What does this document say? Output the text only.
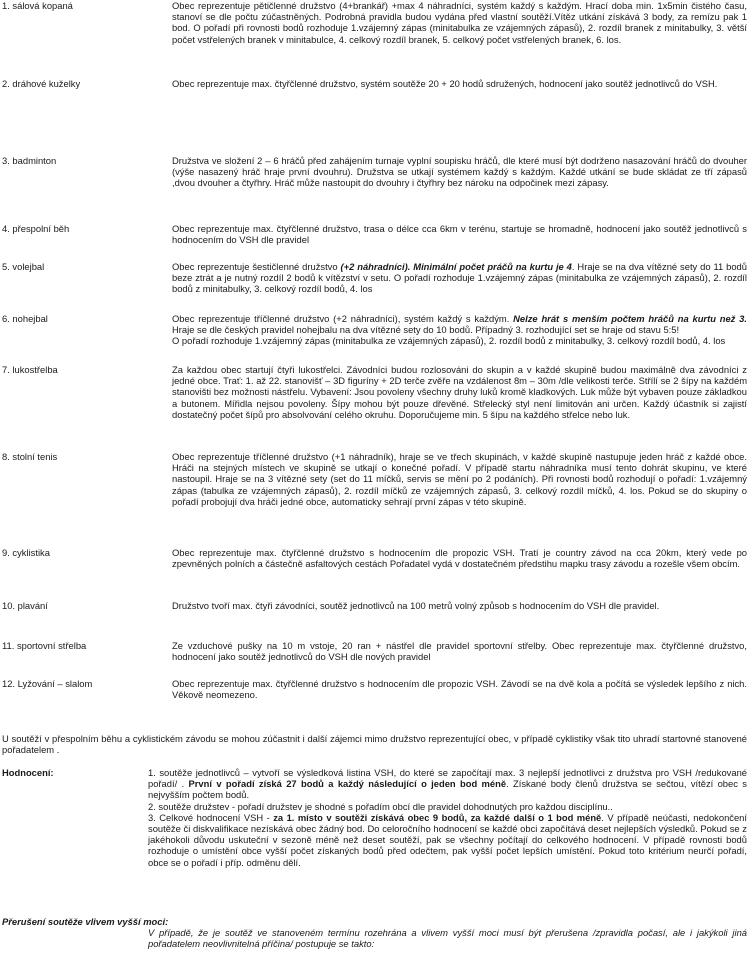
1. sálová kopaná	Obec reprezentuje pětičlenné družstvo (4+brankář) +max 4 náhradníci, systém každý s každým. Hrací doba min. 1x5min čistého času, stanoví se dle počtu zúčastněných. Podrobná pravidla budou vydána před vlastní soutěží.Vítěz utkání získává 3 body, za remízu pak 1 bod. O pořadí při rovnosti bodů rozhoduje 1.vzájemný zápas (minitabulka ze vzájemných zápasů), 2. rozdíl branek z minitabulky, 3. větší počet vstřelených branek v minitabulce, 4. celkový rozdíl branek, 5. celkový počet vstřelených branek, 6. los.
2. dráhové kuželky	Obec reprezentuje max. čtyřčlenné družstvo, systém soutěže 20 + 20 hodů sdružených, hodnocení jako soutěž jednotlivců do VSH.
3. badminton	Družstva ve složení 2 – 6 hráčů před zahájením turnaje vyplní soupisku hráčů, dle které musí být dodrženo nasazování hráčů do dvouher (výše nasazený hráč hraje první dvouhru). Družstva se utkají systémem každý s každým. Každé utkání se bude skládat ze tří zápasů ,dvou dvouher a čtyřhry. Hráč může nastoupit do dvouhry i čtyřhry bez nároku na odpočinek mezi zápasy.
4. přespolní běh	Obec reprezentuje max. čtyřčlenné družstvo, trasa o délce cca 6km v terénu, startuje se hromadně, hodnocení jako soutěž jednotlivců s hodnocením do VSH dle pravidel
5. volejbal	Obec reprezentuje šestičlenné družstvo (+2 náhradníci). Minimální počet práčů na kurtu je 4. Hraje se na dva vítězné sety do 11 bodů beze ztrát a je nutný rozdíl 2 bodů k vítězství v setu. O pořadí rozhoduje 1.vzájemný zápas (minitabulka ze vzájemných zápasů), 2. rozdíl bodů z minitabulky, 3. celkový rozdíl bodů, 4. los
6. nohejbal	Obec reprezentuje tříčlenné družstvo (+2 náhradníci), systém každý s každým. Nelze hrát s menším počtem hráčů na kurtu než 3. Hraje se dle českých pravidel nohejbalu na dva vítězné sety do 10 bodů. Případný 3. rozhodující set se hraje od stavu 5:5!

O pořadí rozhoduje 1.vzájemný zápas (minitabulka ze vzájemných zápasů), 2. rozdíl bodů z minitabulky, 3. celkový rozdíl bodů, 4. los

7. lukostřelba	Za každou obec startují čtyři lukostřelci. Závodníci budou rozlosováni do skupin a v každé skupině budou maximálně dva závodníci z jedné obce. Trať: 1. až 22. stanovišť – 3D figuríny + 2D terče zvěře na vzdálenost 8m – 30m /dle velikosti terče. Střílí se 2 šípy na každém stanovišti bez možnosti nástřelu. Vybavení: Jsou povoleny všechny druhy luků kromě kladkových. Luk může být vybaven pouze základkou a butonem. Mířidla nejsou povoleny. Šípy mohou být pouze dřevěné. Střelecký styl není limitován ani určen. Každý účastník si zajistí dostatečný počet šípů pro absolvování celého okruhu. Doporučujeme min. 5 šípu na každého střelce nebo luk.
8. stolní tenis	Obec reprezentuje tříčlenné družstvo (+1 náhradník), hraje se ve třech skupinách, v každé skupině nastupuje jeden hráč z každé obce. Hráči na stejných místech ve skupině se utkají o konečné pořadí. V případě startu náhradníka musí tento dohrát skupinu, ve které nastoupil. Hraje se na 3 vítězné sety (set do 11 míčků, servis se mění po 2 podáních). Při rovnosti bodů rozhodují o pořadí: 1.vzájemný zápas (tabulka ze vzájemných zápasů), 2. rozdíl míčků ze vzájemných zápasů, 3. celkový rozdíl míčků, 4. los. Pokud se do skupiny o pořadí probojují dva hráči jedné obce, automaticky sehrají první zápas v této skupině.
9. cyklistika	Obec reprezentuje max. čtyřčlenné družstvo s hodnocením dle propozic VSH. Tratí je country závod na cca 20km, který vede po zpevněných polních a částečně asfaltových cestách Pořadatel vydá v dostatečném předstihu mapku trasy závodu a rozešle všem obcím.
10. plavání	Družstvo tvoří max. čtyři závodníci, soutěž jednotlivců na 100 metrů volný způsob s hodnocením do VSH dle pravidel.
11. sportovní střelba	Ze vzduchové pušky na 10 m vstoje, 20 ran + nástřel dle pravidel sportovní střelby. Obec reprezentuje max. čtyřčlenné družstvo, hodnocení jako soutěž jednotlivců do VSH dle nových pravidel
12. Lyžování – slalom	Obec reprezentuje max. čtyřčlenné družstvo s hodnocením dle propozic VSH. Závodí se na dvě kola a počítá se výsledek lepšího z nich. Věkově neomezeno.
U soutěží v přespolním běhu a cyklistickém závodu se mohou zúčastnit i další zájemci mimo družstvo reprezentující obec, v případě cyklistiky však tito uhradí startovné stanovené pořadatelem .
Hodnocení:	1. soutěže jednotlivců – vytvoří se výsledková listina VSH, do které se započítají max. 3 nejlepší jednotlivci z družstva pro VSH /redukované pořadí/ . První v pořadí získá 27 bodů a každý následující o jeden bod méně. Získané body členů družstva se sečtou, vítězí obec s nejvyšším počtem bodů.

2. soutěže družstev - pořadí družstev je shodné s pořadím obcí dle pravidel dohodnutých pro každou disciplínu..

3. Celkové hodnocení VSH - za 1. místo v soutěži získává obec 9 bodů, za každé další o 1 bod méně. V případě neúčasti, nedokončení soutěže či diskvalifikace nezískává obec žádný bod. Do celoročního hodnocení se každé obci započítává deset nejlepších výsledků. Pokud se z jakéhokoli důvodu uskuteční v sezoně méně než deset soutěží, pak se všechny počítají do celkového hodnocení. V případě rovnosti bodů rozhoduje o umístění obce vyšší počet získaných bodů před odečtem, pak vyšší počet lepších umístění. Pokud toto kritérium neurčí pořadí, obce se o pořadí i příp. odměnu dělí.

Přerušení soutěže vlivem vyšší moci:
V případě, že je soutěž ve stanoveném termínu rozehrána a vlivem vyšší moci musí být přerušena /zpravidla počasí, ale i jakýkoli jiná pořadatelem neovlivnitelná příčina/ postupuje se takto:
